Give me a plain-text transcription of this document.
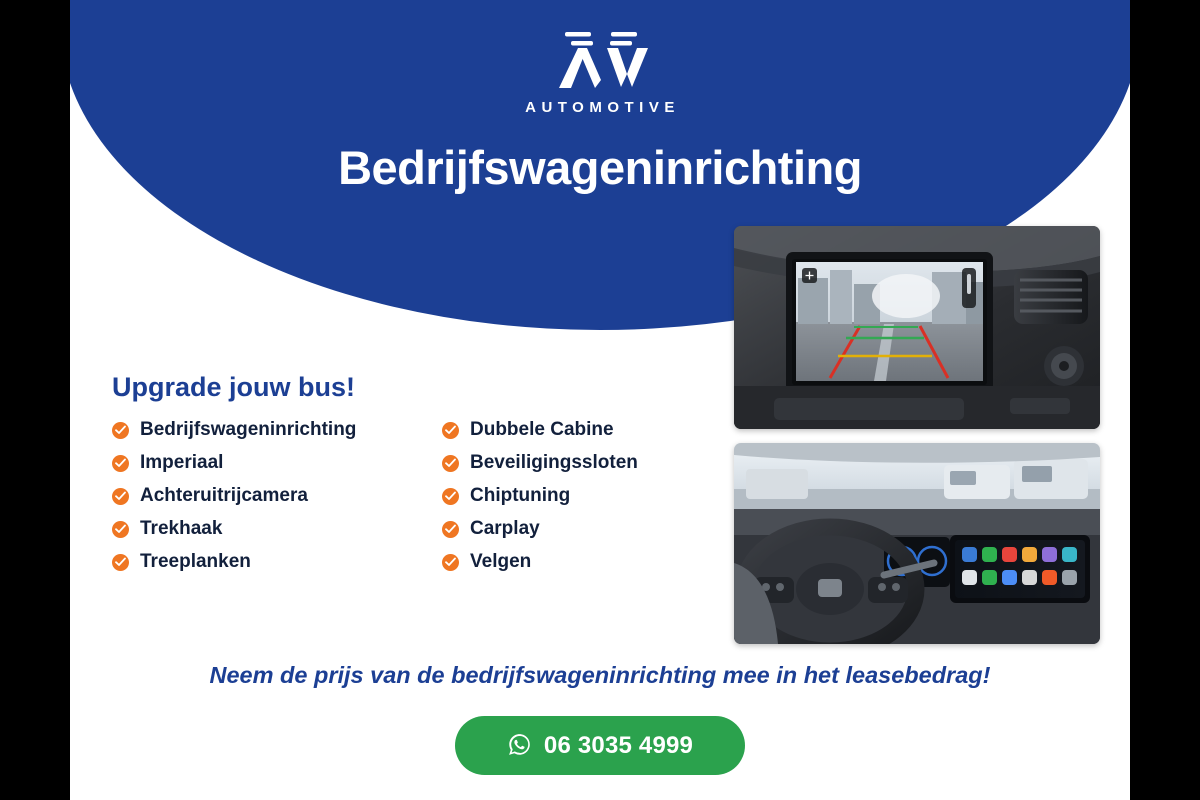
AUTOMOTIVE
Bedrijfswageninrichting
Upgrade jouw bus!
Bedrijfswageninrichting
Imperiaal
Achteruitrijcamera
Trekhaak
Treeplanken
Dubbele Cabine
Beveiligingssloten
Chiptuning
Carplay
Velgen
Neem de prijs van de bedrijfswageninrichting mee in het leasebedrag!
06 3035 4999
